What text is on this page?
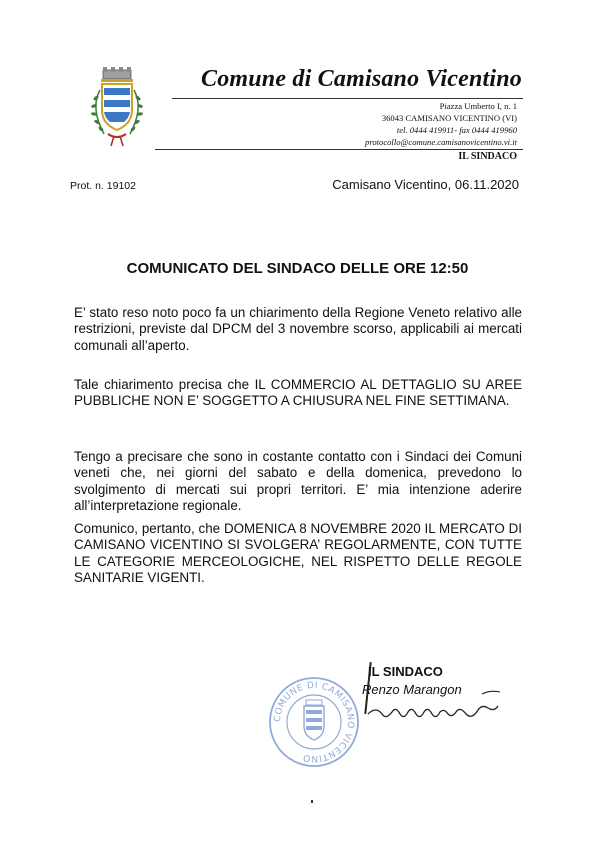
Comune di Camisano Vicentino
Piazza Umberto I, n. 1
36043 CAMISANO VICENTINO (VI)
tel. 0444 419911- fax 0444 419960
protocollo@comune.camisanovicentino.vi.it
IL SINDACO
Prot. n. 19102	Camisano Vicentino, 06.11.2020
COMUNICATO DEL SINDACO DELLE ORE 12:50
E’ stato reso noto poco fa un chiarimento della Regione Veneto relativo alle restrizioni, previste dal DPCM del 3 novembre scorso, applicabili ai mercati comunali all’aperto.
Tale chiarimento precisa che IL COMMERCIO AL DETTAGLIO SU AREE PUBBLICHE NON E’ SOGGETTO A CHIUSURA NEL FINE SETTIMANA.
Tengo a precisare che sono in costante contatto con i Sindaci dei Comuni veneti che, nei giorni del sabato e della domenica, prevedono lo svolgimento di mercati sui propri territori. E’ mia intenzione aderire all’interpretazione regionale.
Comunico, pertanto, che DOMENICA 8 NOVEMBRE 2020 IL MERCATO DI CAMISANO VICENTINO SI SVOLGERA’ REGOLARMENTE, CON TUTTE LE CATEGORIE MERCEOLOGICHE, NEL RISPETTO DELLE REGOLE SANITARIE VIGENTI.
COMUNE DI CAMISANO VICENTINO
IL SINDACO
Renzo Marangon
